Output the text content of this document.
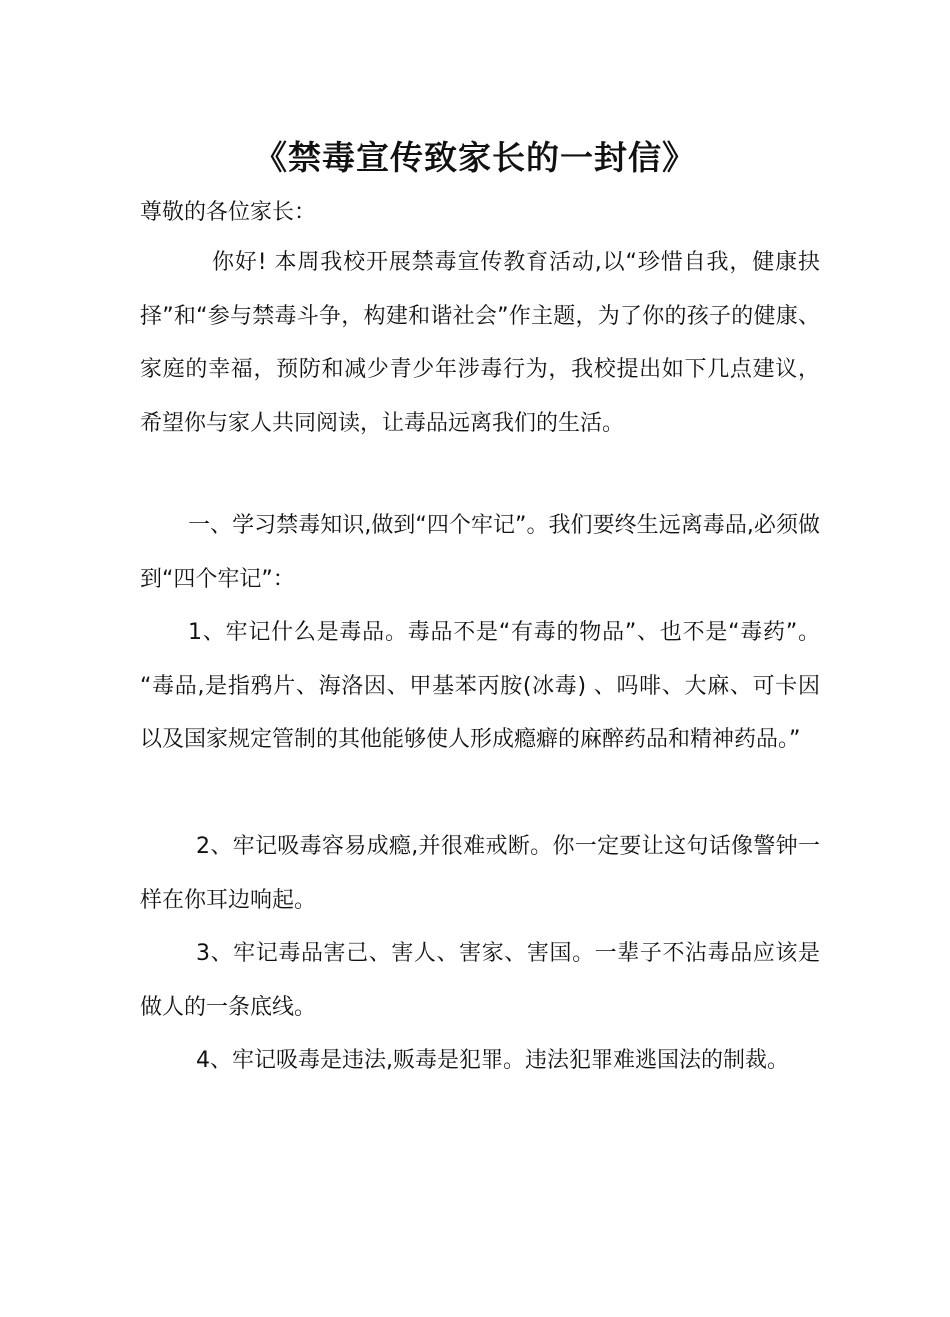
《禁毒宣传致家长的一封信》

尊敬的各位家长：

你好! 本周我校开展禁毒宣传教育活动,以“珍惜自我，健康抉择”和“参与禁毒斗争，构建和谐社会”作主题，为了你的孩子的健康、家庭的幸福，预防和减少青少年涉毒行为，我校提出如下几点建议，希望你与家人共同阅读，让毒品远离我们的生活。

一、学习禁毒知识,做到“四个牢记”。我们要终生远离毒品,必须做到“四个牢记”：

1、牢记什么是毒品。毒品不是“有毒的物品”、也不是“毒药”。 “毒品,是指鸦片、海洛因、甲基苯丙胺(冰毒) 、吗啡、大麻、可卡因以及国家规定管制的其他能够使人形成瘾癖的麻醉药品和精神药品。”

2、牢记吸毒容易成瘾,并很难戒断。你一定要让这句话像警钟一样在你耳边响起。

3、牢记毒品害己、害人、害家、害国。一辈子不沾毒品应该是做人的一条底线。

4、牢记吸毒是违法,贩毒是犯罪。违法犯罪难逃国法的制裁。
